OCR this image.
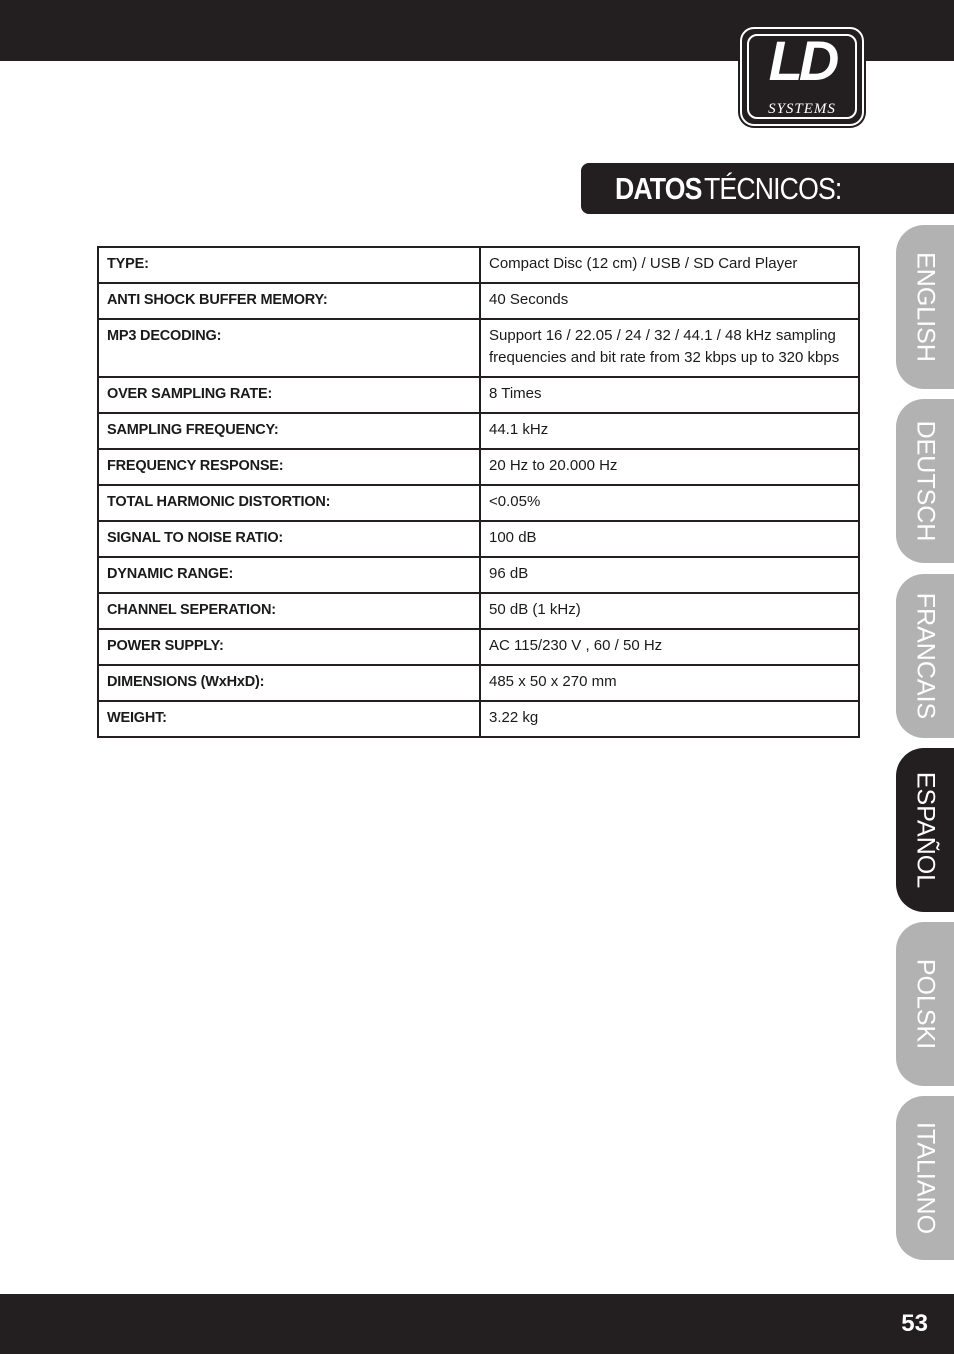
LD
SYSTEMS
DATOS TÉCNICOS:
TYPE:	Compact Disc (12 cm) / USB / SD Card Player
ANTI SHOCK BUFFER MEMORY:	40 Seconds
MP3 DECODING:	Support 16 / 22.05 / 24 / 32 / 44.1 / 48 kHz sampling
frequencies and bit rate from 32 kbps up to 320 kbps

OVER SAMPLING RATE:	8 Times
SAMPLING FREQUENCY:	44.1 kHz
FREQUENCY RESPONSE:	20 Hz to 20.000 Hz
TOTAL HARMONIC DISTORTION:	<0.05%
SIGNAL TO NOISE RATIO:	100 dB
DYNAMIC RANGE:	96 dB
CHANNEL SEPERATION:	50 dB (1 kHz)
POWER SUPPLY:	AC 115/230 V , 60 / 50 Hz
DIMENSIONS (WxHxD):	485 x 50 x 270 mm
WEIGHT:	3.22 kg
ENGLISH
DEUTSCH
FRANCAIS
ESPAÑOL
POLSKI
ITALIANO
53
